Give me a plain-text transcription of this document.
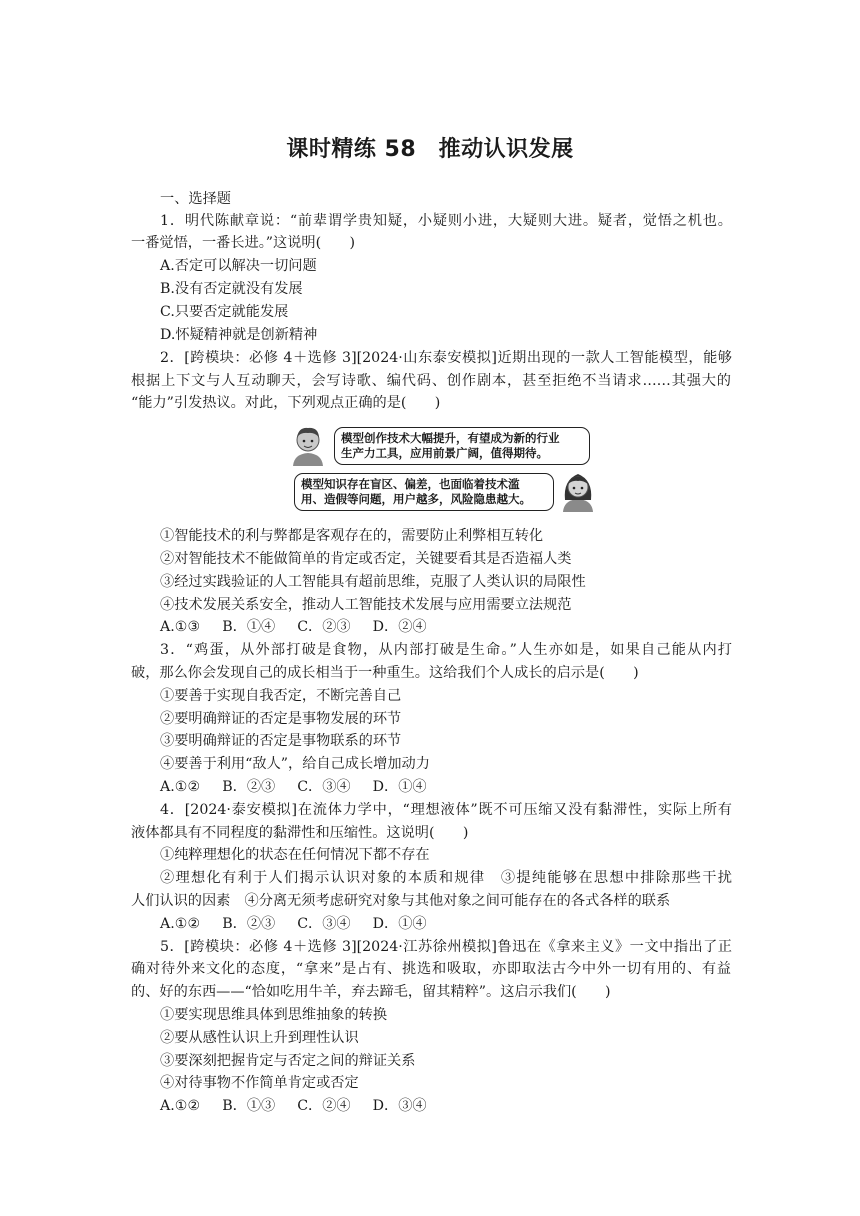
课时精练 58　推动认识发展
一、选择题
1．明代陈献章说：“前辈谓学贵知疑，小疑则小进，大疑则大进。疑者，觉悟之机也。
一番觉悟，一番长进。”这说明(　　)
A.否定可以解决一切问题
B.没有否定就没有发展
C.只要否定就能发展
D.怀疑精神就是创新精神
2．[跨模块：必修 4＋选修 3][2024·山东泰安模拟]近期出现的一款人工智能模型，能够
根据上下文与人互动聊天，会写诗歌、编代码、创作剧本，甚至拒绝不当请求……其强大的
“能力”引发热议。对此，下列观点正确的是(　　)
模型创作技术大幅提升，有望成为新的行业
生产力工具，应用前景广阔，值得期待。
模型知识存在盲区、偏差，也面临着技术滥
用、造假等问题，用户越多，风险隐患越大。
①智能技术的利与弊都是客观存在的，需要防止利弊相互转化
②对智能技术不能做简单的肯定或否定，关键要看其是否造福人类
③经过实践验证的人工智能具有超前思维，克服了人类认识的局限性
④技术发展关系安全，推动人工智能技术发展与应用需要立法规范
A.①③ B．①④ C．②③ D．②④
3．“鸡蛋，从外部打破是食物，从内部打破是生命。”人生亦如是，如果自己能从内打
破，那么你会发现自己的成长相当于一种重生。这给我们个人成长的启示是(　　)
①要善于实现自我否定，不断完善自己
②要明确辩证的否定是事物发展的环节
③要明确辩证的否定是事物联系的环节
④要善于利用“敌人”，给自己成长增加动力
A.①② B．②③ C．③④ D．①④
4．[2024·泰安模拟]在流体力学中，“理想液体”既不可压缩又没有黏滞性，实际上所有
液体都具有不同程度的黏滞性和压缩性。这说明(　　)
①纯粹理想化的状态在任何情况下都不存在
②理想化有利于人们揭示认识对象的本质和规律　③提纯能够在思想中排除那些干扰
人们认识的因素　④分离无须考虑研究对象与其他对象之间可能存在的各式各样的联系
A.①② B．②③ C．③④ D．①④
5．[跨模块：必修 4＋选修 3][2024·江苏徐州模拟]鲁迅在《拿来主义》一文中指出了正
确对待外来文化的态度，“拿来”是占有、挑选和吸取，亦即取法古今中外一切有用的、有益
的、好的东西——“恰如吃用牛羊，弃去蹄毛，留其精粹”。这启示我们(　　)
①要实现思维具体到思维抽象的转换
②要从感性认识上升到理性认识
③要深刻把握肯定与否定之间的辩证关系
④对待事物不作简单肯定或否定
A.①② B．①③ C．②④ D．③④
